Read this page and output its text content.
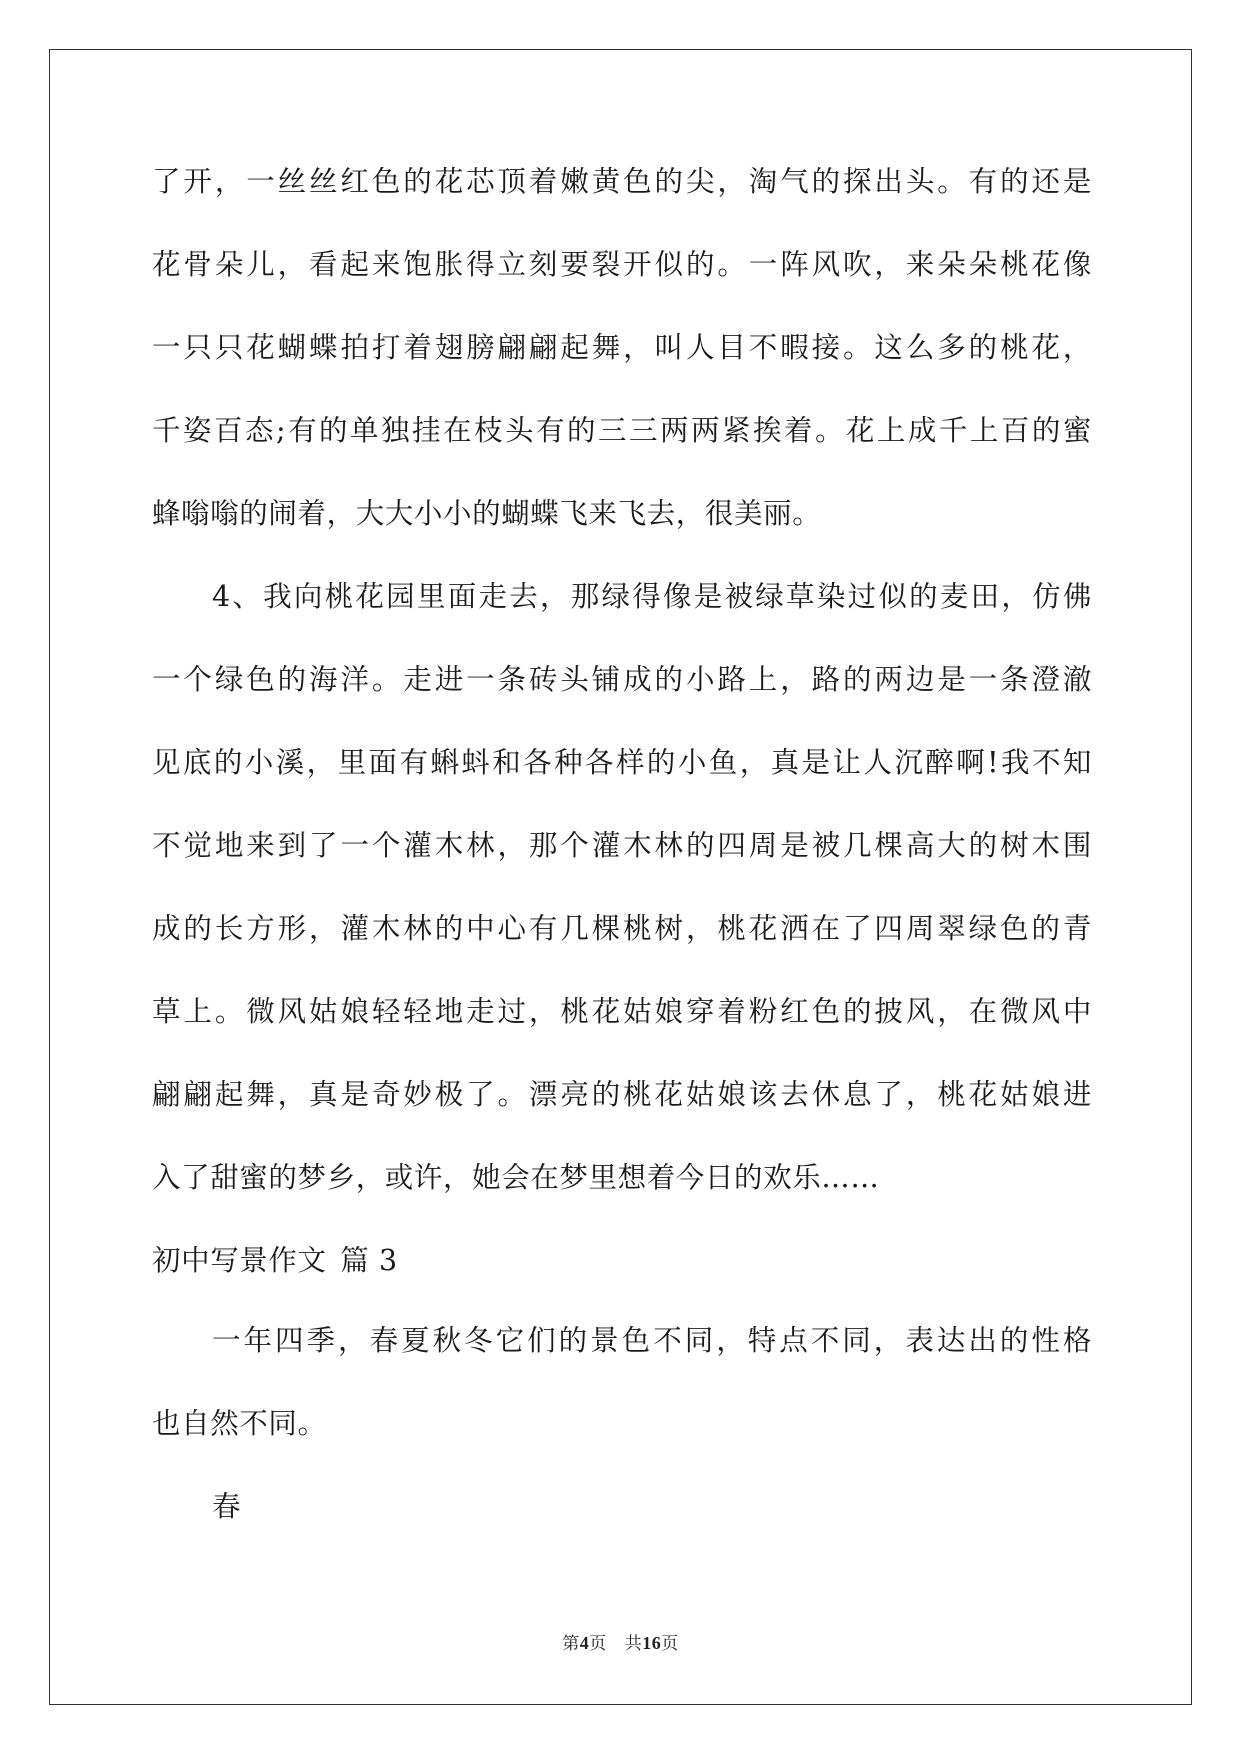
了开，一丝丝红色的花芯顶着嫩黄色的尖，淘气的探出头。有的还是
花骨朵儿，看起来饱胀得立刻要裂开似的。一阵风吹，来朵朵桃花像
一只只花蝴蝶拍打着翅膀翩翩起舞，叫人目不暇接。这么多的桃花，
千姿百态;有的单独挂在枝头有的三三两两紧挨着。花上成千上百的蜜
蜂嗡嗡的闹着，大大小小的蝴蝶飞来飞去，很美丽。
4、我向桃花园里面走去，那绿得像是被绿草染过似的麦田，仿佛
一个绿色的海洋。走进一条砖头铺成的小路上，路的两边是一条澄澈
见底的小溪，里面有蝌蚪和各种各样的小鱼，真是让人沉醉啊!我不知
不觉地来到了一个灌木林，那个灌木林的四周是被几棵高大的树木围
成的长方形，灌木林的中心有几棵桃树，桃花洒在了四周翠绿色的青
草上。微风姑娘轻轻地走过，桃花姑娘穿着粉红色的披风，在微风中
翩翩起舞，真是奇妙极了。漂亮的桃花姑娘该去休息了，桃花姑娘进
入了甜蜜的梦乡，或许，她会在梦里想着今日的欢乐……
初中写景作文 篇 3
一年四季，春夏秋冬它们的景色不同，特点不同，表达出的性格
也自然不同。
春
第4页 共16页
